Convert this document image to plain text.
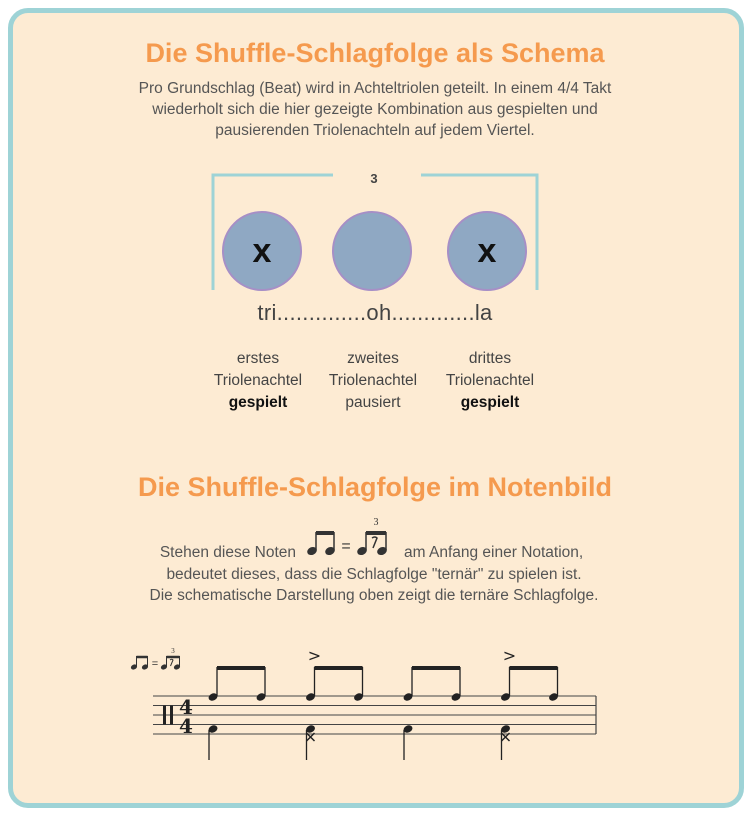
Die Shuffle-Schlagfolge als Schema

Pro Grundschlag (Beat) wird in Achteltriolen geteilt. In einem 4/4 Takt

wiederholt sich die hier gezeigte Kombination aus gespielten und

pausierenden Triolenachteln auf jedem Viertel.

3
x	x
tri..............oh.............la
erstes
Triolenachtel
gespielt
zweites
Triolenachtel
pausiert
drittes
Triolenachtel
gespielt
Die Shuffle-Schlagfolge im Notenbild
Stehen diese Noten	=
3
am Anfang einer Notation,
bedeutet dieses, dass die Schlagfolge "ternär" zu spielen ist.
Die schematische Darstellung oben zeigt die ternäre Schlagfolge.
=
3
4
4
>	>
